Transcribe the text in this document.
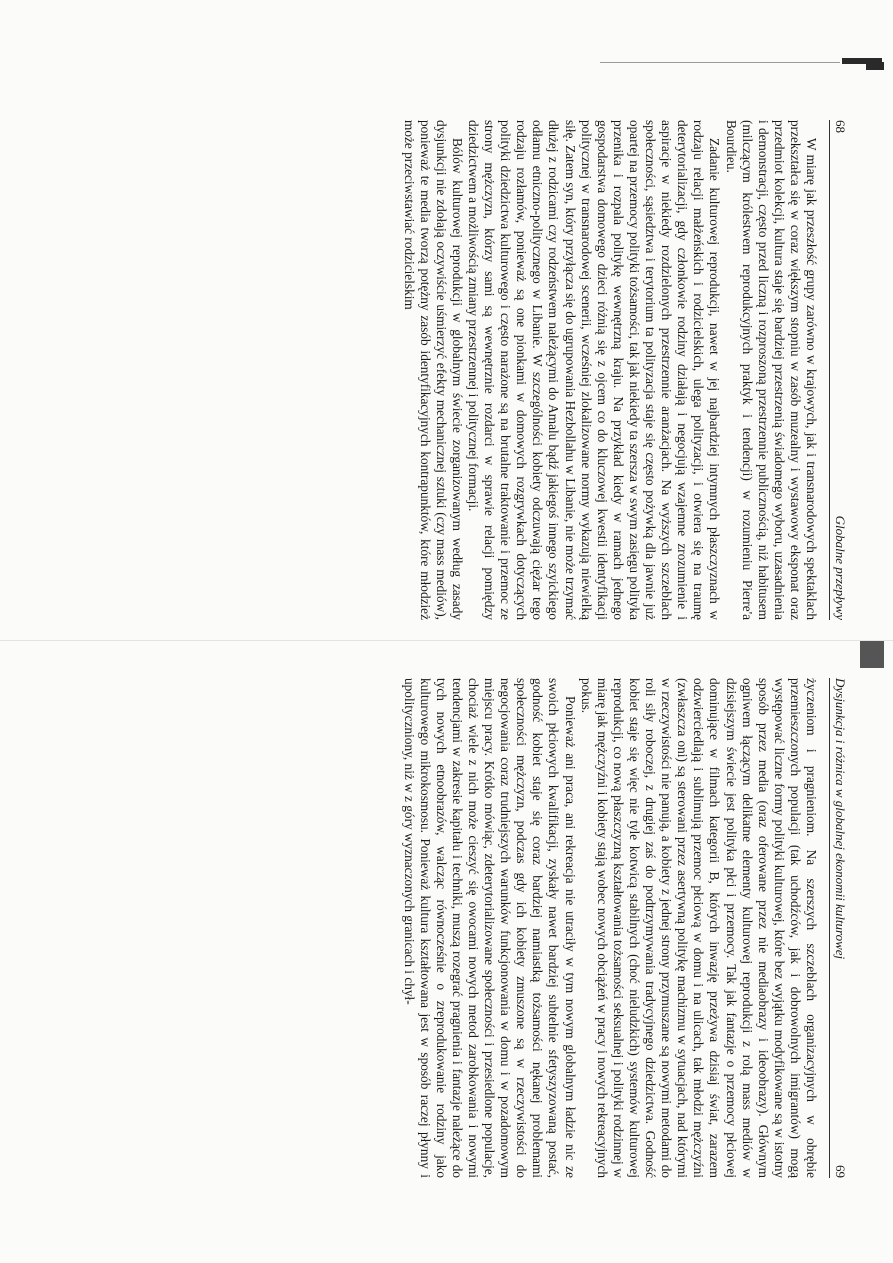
68
Globalne przepływy

W miarę jak przeszłość grupy zarówno w krajowych, jak i transnarodowych spektaklach przekształca się w coraz większym stopniu w zasób muzealny i wystawowy eksponat oraz przedmiot kolekcji, kultura staje się bardziej przestrzenią świadomego wyboru, uzasadnienia i demonstracji, często przed liczną i rozproszoną przestrzennie publicznością, niż habitusem (milczącym królestwem reprodukcyjnych praktyk i tendencji) w rozumieniu Pierre'a Bourdieu.

Zadanie kulturowej reprodukcji, nawet w jej najbardziej intymnych płaszczyznach w rodzaju relacji małżeńskich i rodzicielskich, ulega polityzacji, i otwiera się na traumę deterytorializacji, gdy członkowie rodziny działają i negocjują wzajemne zrozumienie i aspiracje w niekiedy rozdzielonych przestrzennie aranżacjach. Na wyższych szczeblach społeczności, sąsiedztwa i terytorium ta polityzacja staje się często pożywką dla jawnie już opartej na przemocy polityki tożsamości, tak jak niekiedy ta szersza w swym zasięgu polityka przenika i rozpala politykę wewnętrzną kraju. Na przykład kiedy w ramach jednego gospodarstwa domowego dzieci różnią się z ojcem co do kluczowej kwestii identyfikacji politycznej w transnarodowej scenerii, wcześniej zlokalizowane normy wykazują niewielką siłę. Zatem syn, który przyłącza się do ugrupowania Hezbollahu w Libanie, nie może trzymać dłużej z rodzicami czy rodzeństwem należącymi do Amalu bądź jakiegoś innego szyickiego odłamu etniczno-politycznego w Libanie. W szczególności kobiety odczuwają ciężar tego rodzaju rozłamów, ponieważ są one pionkami w domowych rozgrywkach dotyczących polityki dziedzictwa kulturowego i często narażone są na brutalne traktowanie i przemoc ze strony mężczyzn, którzy sami są wewnętrznie rozdarci w sprawie relacji pomiędzy dziedzictwem a możliwością zmiany przestrzennej i politycznej formacji.

Bólów kulturowej reprodukcji w globalnym świecie zorganizowanym według zasady dysjunkcji nie zdołają oczywiście uśmierzyć efekty mechanicznej sztuki (czy mass mediów), ponieważ te media tworzą potężny zasób identyfikacyjnych kontrapunktów, które młodzież może przeciwstawiać rodzicielskim

Dysjunkcja i różnica w globalnej ekonomii kulturowej
69

życzeniom i pragnieniom. Na szerszych szczeblach organizacyjnych w obrębie przemieszczonych populacji (tak uchodźców, jak i dobrowolnych imigrantów) mogą występować liczne formy polityki kulturowej, które bez wyjątku modyfikowane są w istotny sposób przez media (oraz oferowane przez nie mediaobrazy i ideoobrazy). Głównym ogniwem łączącym delikatne elementy kulturowej reprodukcji z rolą mass mediów w dzisiejszym świecie jest polityka płci i przemocy. Tak jak fantazje o przemocy płciowej dominujące w filmach kategorii B, których inwazję przeżywa dzisiaj świat, zarazem odzwierciedlają i sublimują przemoc płciową w domu i na ulicach, tak młodzi mężczyźni (zwłaszcza oni) są sterowani przez asertywną politykę machizmu w sytuacjach, nad którymi w rzeczywistości nie panują, a kobiety z jednej strony przymuszane są nowymi metodami do roli siły roboczej, z drugiej zaś do podtrzymywania tradycyjnego dziedzictwa. Godność kobiet staje się więc nie tyle kotwicą stabilnych (choć nieludzkich) systemów kulturowej reprodukcji, co nową płaszczyzną kształtowania tożsamości seksualnej i polityki rodzinnej w miarę jak mężczyźni i kobiety stają wobec nowych obciążeń w pracy i nowych rekreacyjnych pokus.

Ponieważ ani praca, ani rekreacja nie utraciły w tym nowym globalnym ładzie nic ze swoich płciowych kwalifikacji, zyskały nawet bardziej subtelnie sfetyszyzowaną postać, godność kobiet staje się coraz bardziej namiastką tożsamości nękanej problemami społeczności mężczyzn, podczas gdy ich kobiety zmuszone są w rzeczywistości do negocjowania coraz trudniejszych warunków funkcjonowania w domu i w pozadomowym miejscu pracy. Krótko mówiąc, zdeterytorializowane społeczności i przesiedlone populacje, chociaż wiele z nich może cieszyć się owocami nowych metod zarobkowania i nowymi tendencjami w zakresie kapitału i techniki, muszą rozegrać pragnienia i fantazje należące do tych nowych etnoobrazów, walcząc równocześnie o zreprodukowanie rodziny jako kulturowego mikrokosmosu. Ponieważ kultura kształtowana jest w sposób raczej płynny i upolityczniony, niż w z góry wyznaczonych granicach i chył-
